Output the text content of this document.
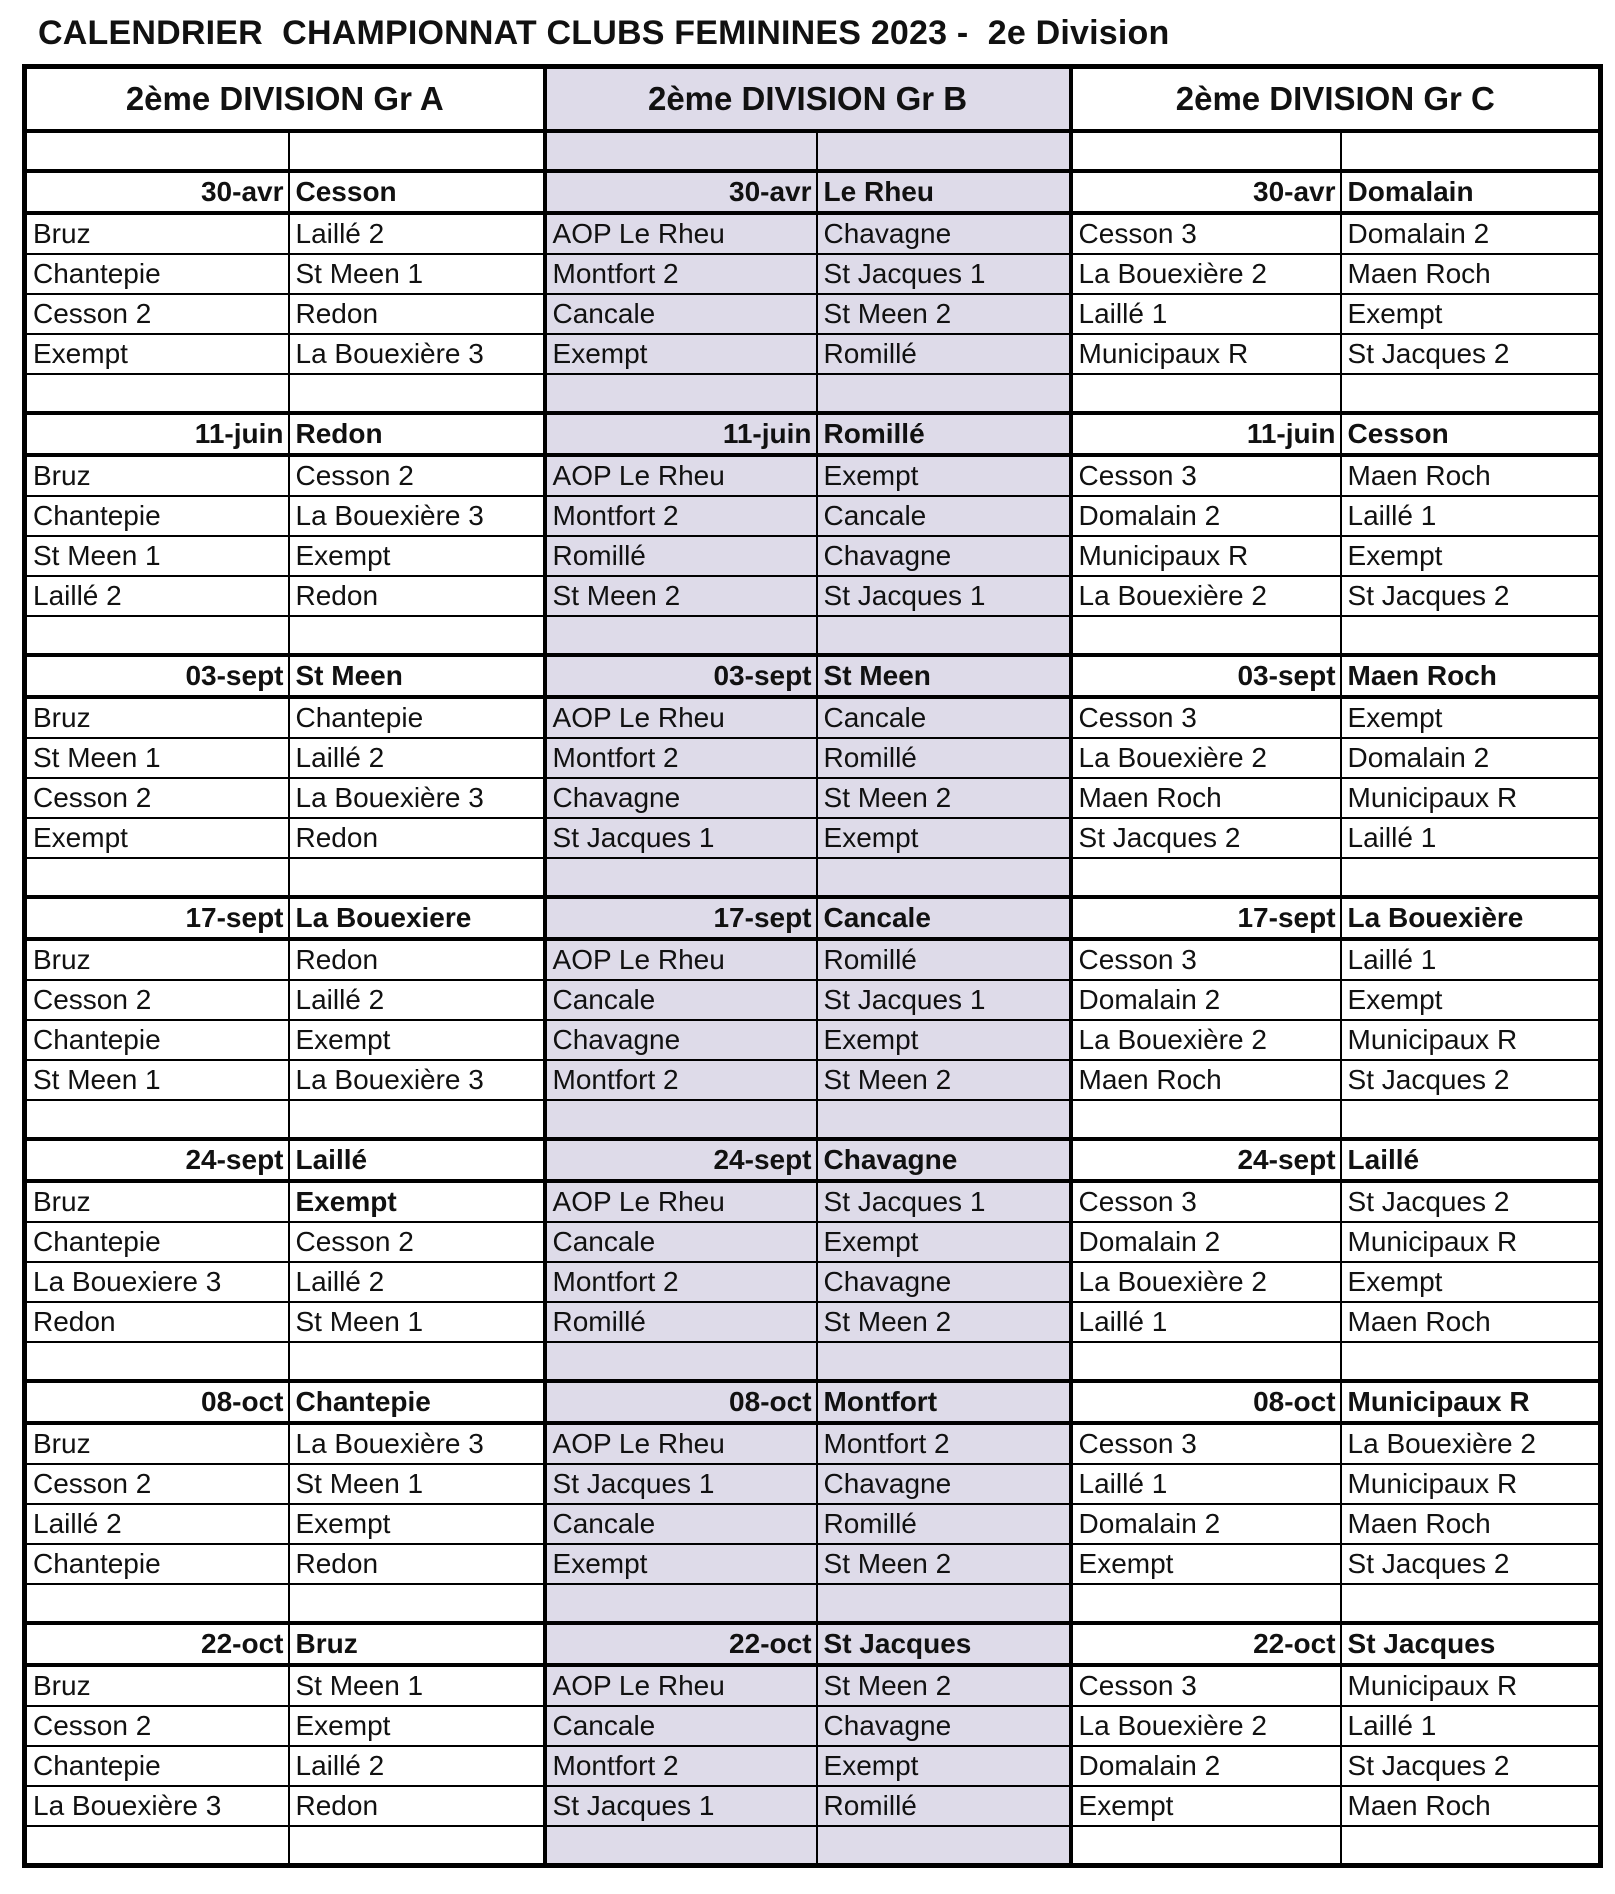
CALENDRIER  CHAMPIONNAT CLUBS FEMININES 2023 -  2e Division
2ème DIVISION Gr A		2ème DIVISION Gr B		2ème DIVISION Gr C	

30-avr	Cesson	30-avr	Le Rheu	30-avr	Domalain
Bruz	Laillé 2	AOP Le Rheu	Chavagne	Cesson 3	Domalain 2
Chantepie	St Meen 1	Montfort 2	St Jacques 1	La Bouexière 2	Maen Roch
Cesson 2	Redon	Cancale	St Meen 2	Laillé 1	Exempt
Exempt	La Bouexière 3	Exempt	Romillé	Municipaux R	St Jacques 2

11-juin	Redon	11-juin	Romillé	11-juin	Cesson
Bruz	Cesson 2	AOP Le Rheu	Exempt	Cesson 3	Maen Roch
Chantepie	La Bouexière 3	Montfort 2	Cancale	Domalain 2	Laillé 1
St Meen 1	Exempt	Romillé	Chavagne	Municipaux R	Exempt
Laillé 2	Redon	St Meen 2	St Jacques 1	La Bouexière 2	St Jacques 2

03-sept	St Meen	03-sept	St Meen	03-sept	Maen Roch
Bruz	Chantepie	AOP Le Rheu	Cancale	Cesson 3	Exempt
St Meen 1	Laillé 2	Montfort 2	Romillé	La Bouexière 2	Domalain 2
Cesson 2	La Bouexière 3	Chavagne	St Meen 2	Maen Roch	Municipaux R
Exempt	Redon	St Jacques 1	Exempt	St Jacques 2	Laillé 1

17-sept	La Bouexiere	17-sept	Cancale	17-sept	La Bouexière
Bruz	Redon	AOP Le Rheu	Romillé	Cesson 3	Laillé 1
Cesson 2	Laillé 2	Cancale	St Jacques 1	Domalain 2	Exempt
Chantepie	Exempt	Chavagne	Exempt	La Bouexière 2	Municipaux R
St Meen 1	La Bouexière 3	Montfort 2	St Meen 2	Maen Roch	St Jacques 2

24-sept	Laillé	24-sept	Chavagne	24-sept	Laillé
Bruz	Exempt	AOP Le Rheu	St Jacques 1	Cesson 3	St Jacques 2
Chantepie	Cesson 2	Cancale	Exempt	Domalain 2	Municipaux R
La Bouexiere 3	Laillé 2	Montfort 2	Chavagne	La Bouexière 2	Exempt
Redon	St Meen 1	Romillé	St Meen 2	Laillé 1	Maen Roch

08-oct	Chantepie	08-oct	Montfort	08-oct	Municipaux R
Bruz	La Bouexière 3	AOP Le Rheu	Montfort 2	Cesson 3	La Bouexière 2
Cesson 2	St Meen 1	St Jacques 1	Chavagne	Laillé 1	Municipaux R
Laillé 2	Exempt	Cancale	Romillé	Domalain 2	Maen Roch
Chantepie	Redon	Exempt	St Meen 2	Exempt	St Jacques 2

22-oct	Bruz	22-oct	St Jacques	22-oct	St Jacques
Bruz	St Meen 1	AOP Le Rheu	St Meen 2	Cesson 3	Municipaux R
Cesson 2	Exempt	Cancale	Chavagne	La Bouexière 2	Laillé 1
Chantepie	Laillé 2	Montfort 2	Exempt	Domalain 2	St Jacques 2
La Bouexière 3	Redon	St Jacques 1	Romillé	Exempt	Maen Roch
